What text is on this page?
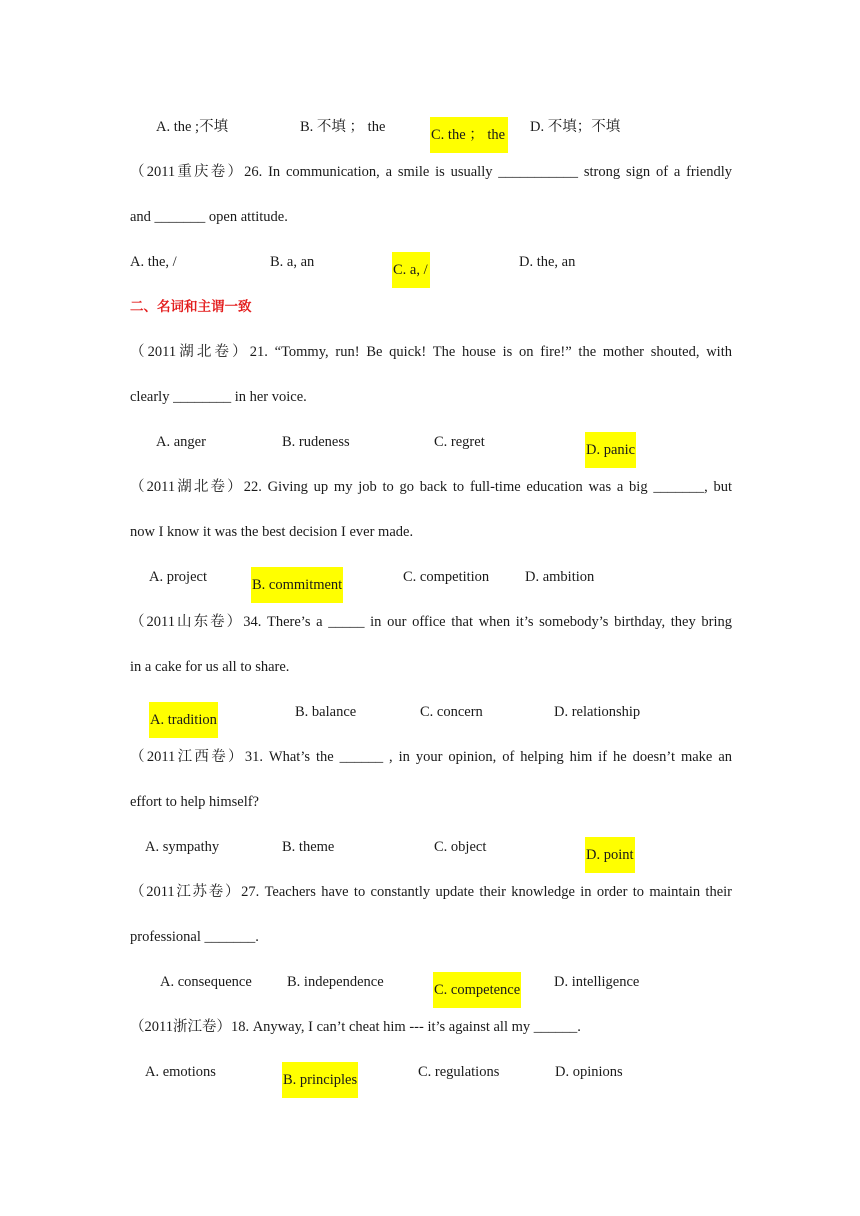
A. the ;不填	B. 不填 ； the	C. the ； the D. 不填；不填
（2011重庆卷）26. In communication, a smile is usually ___________ strong sign of a friendly
and _______ open attitude.
A. the, /	B. a, an	C. a, /	D. the, an
二、名词和主谓一致
（2011湖北卷）21. “Tommy, run! Be quick! The house is on fire!” the mother shouted, with
clearly ________ in her voice.
A. anger	B. rudeness	C. regret	D. panic
（2011湖北卷）22. Giving up my job to go back to full-time education was a big _______, but
now I know it was the best decision I ever made.
A. project	B. commitment	C. competition D. ambition
（2011山东卷）34. There’s a _____ in our office that when it’s somebody’s birthday, they bring
in a cake for us all to share.
A. tradition	B. balance	C. concern	D. relationship
（2011江西卷）31. What’s the ______ , in your opinion, of helping him if he doesn’t make an
effort to help himself?
A. sympathy	B. theme	C. object	D. point
（2011江苏卷）27. Teachers have to constantly update their knowledge in order to maintain their
professional _______.
A. consequence B. independence	C. competence D. intelligence
（2011浙江卷）18. Anyway, I can’t cheat him --- it’s against all my ______.
A. emotions	B. principles	C. regulations	D. opinions
